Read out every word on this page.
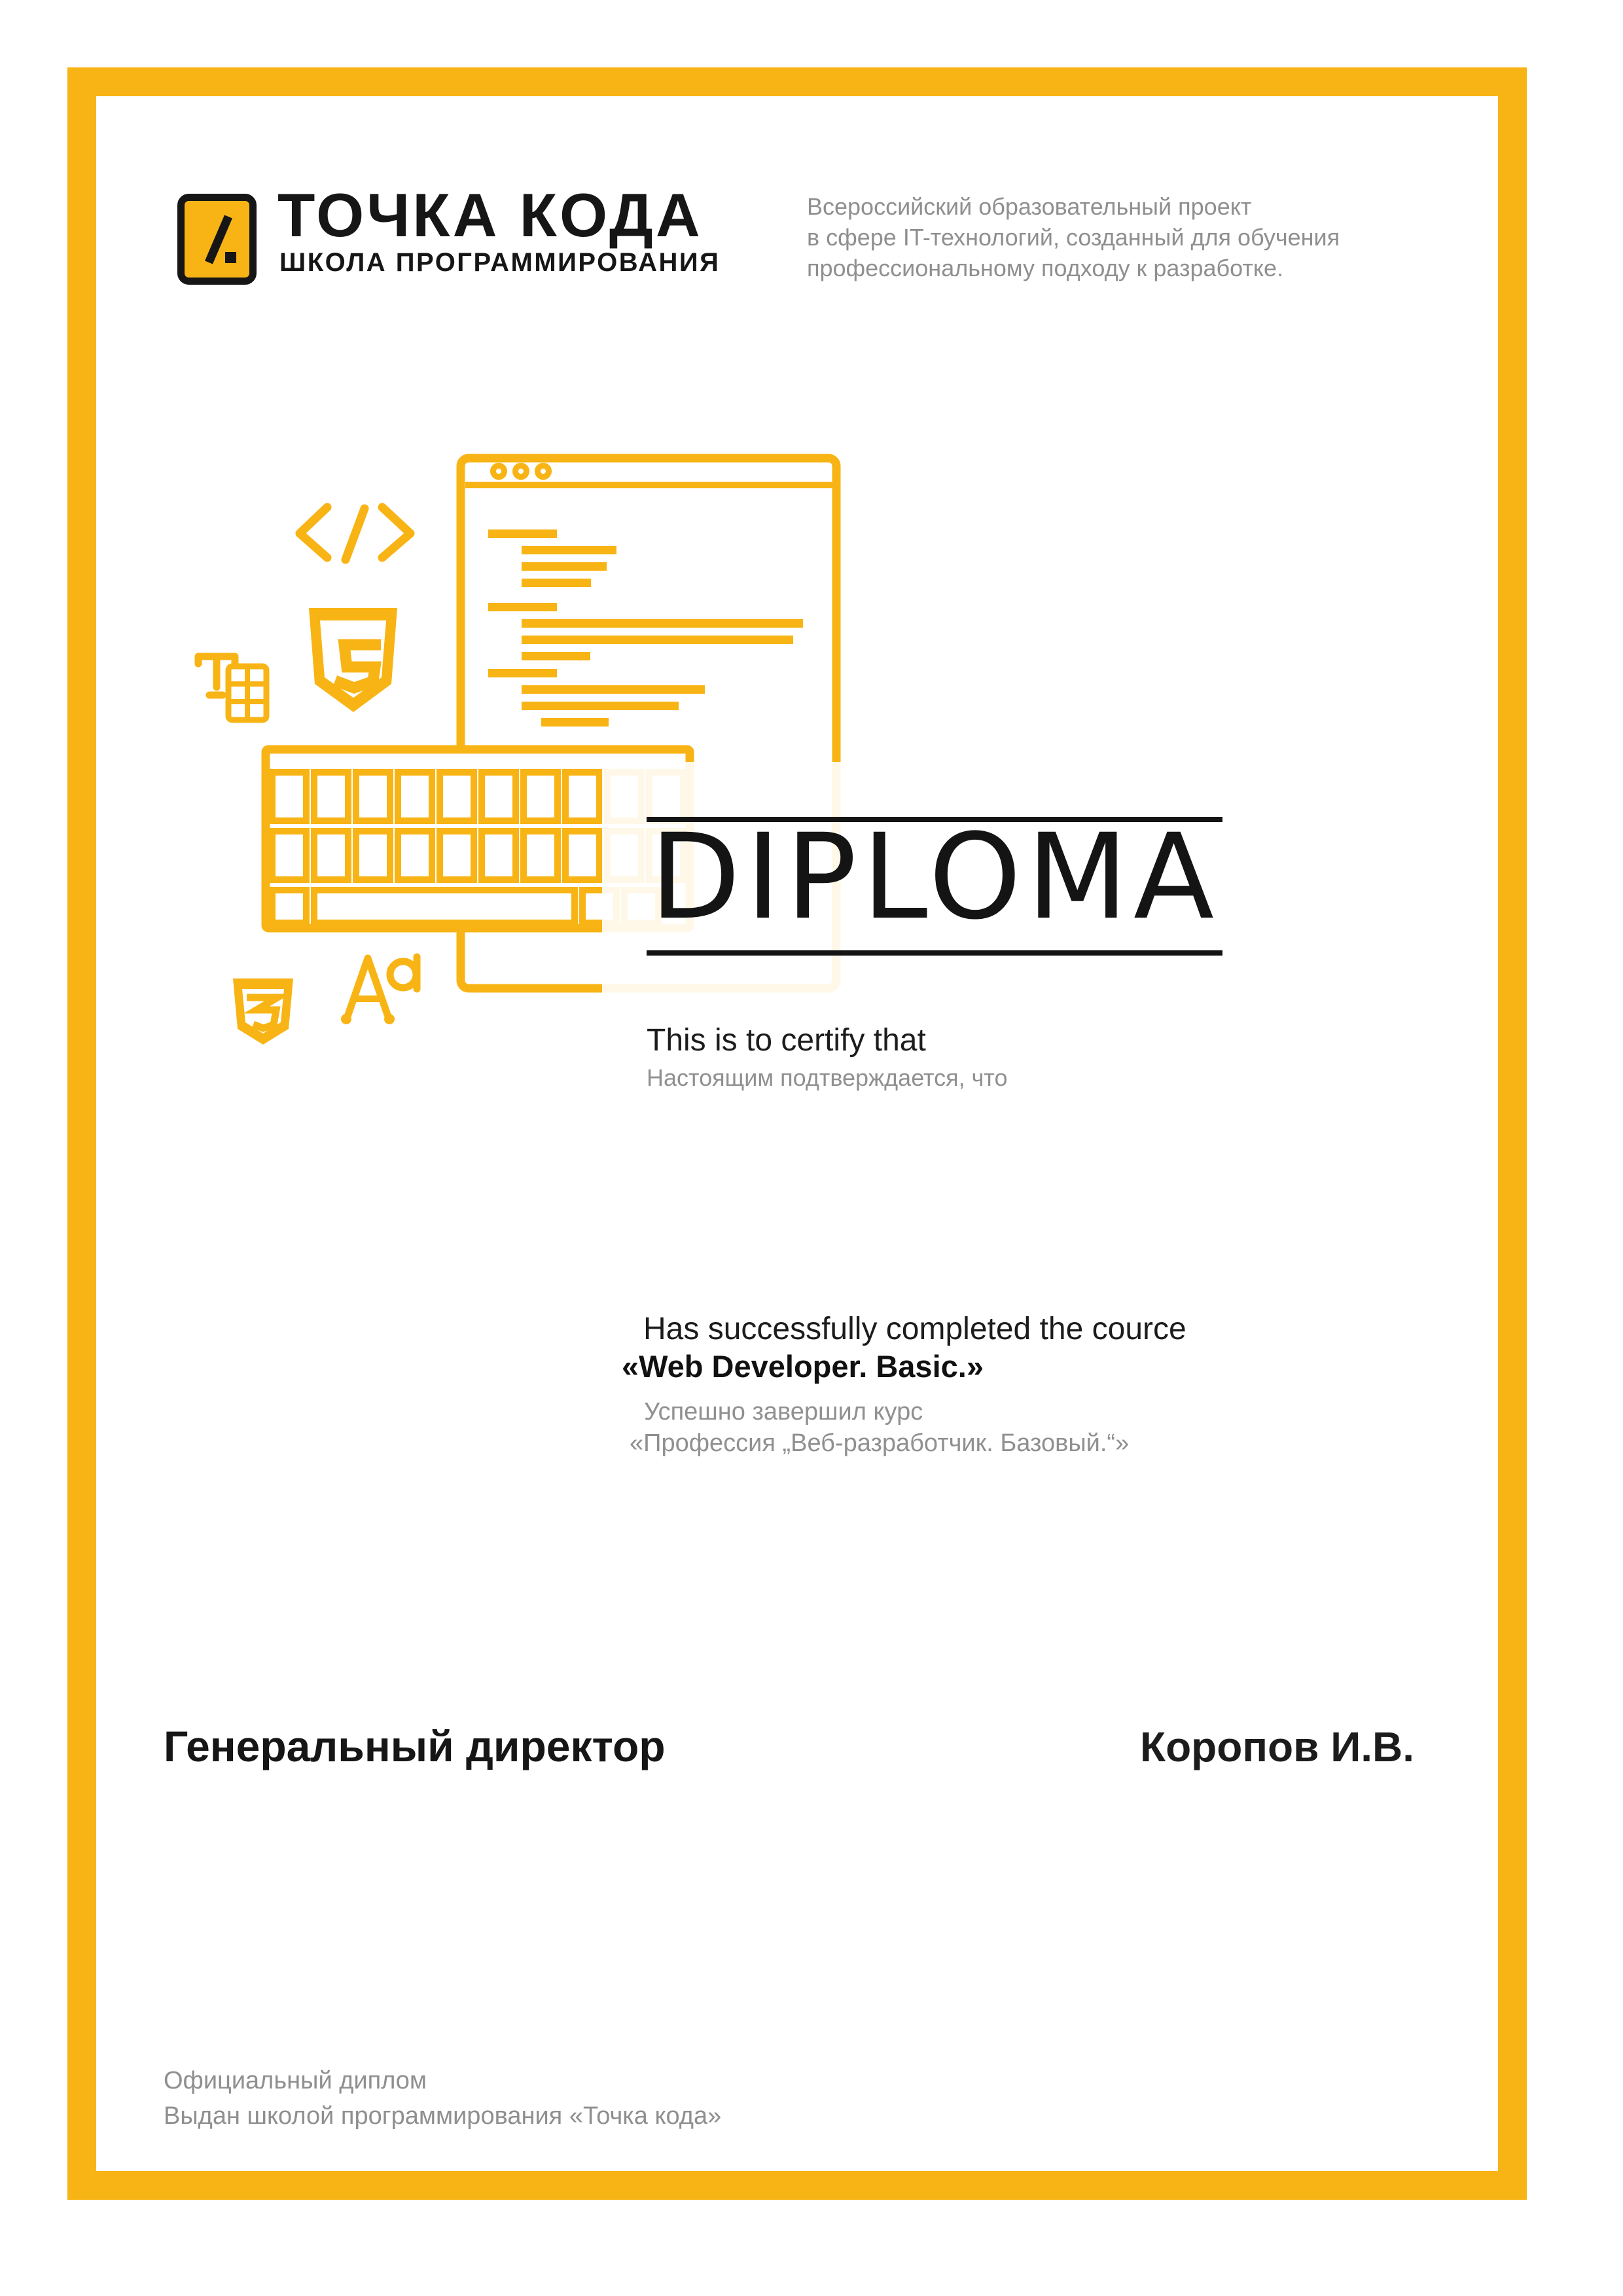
ТОЧКА КОДА
ШКОЛА ПРОГРАММИРОВАНИЯ
Всероссийский образовательный проект
в сфере IT-технологий, созданный для обучения
профессиональному подходу к разработке.
DIPLOMA
This is to certify that
Настоящим подтверждается, что
Has successfully completed the cource
«Web Developer. Basic.»
Успешно завершил курс
«Профессия „Веб-разработчик. Базовый.“»
Генеральный директор	Коропов И.В.
Официальный диплом
Выдан школой программирования «Точка кода»
